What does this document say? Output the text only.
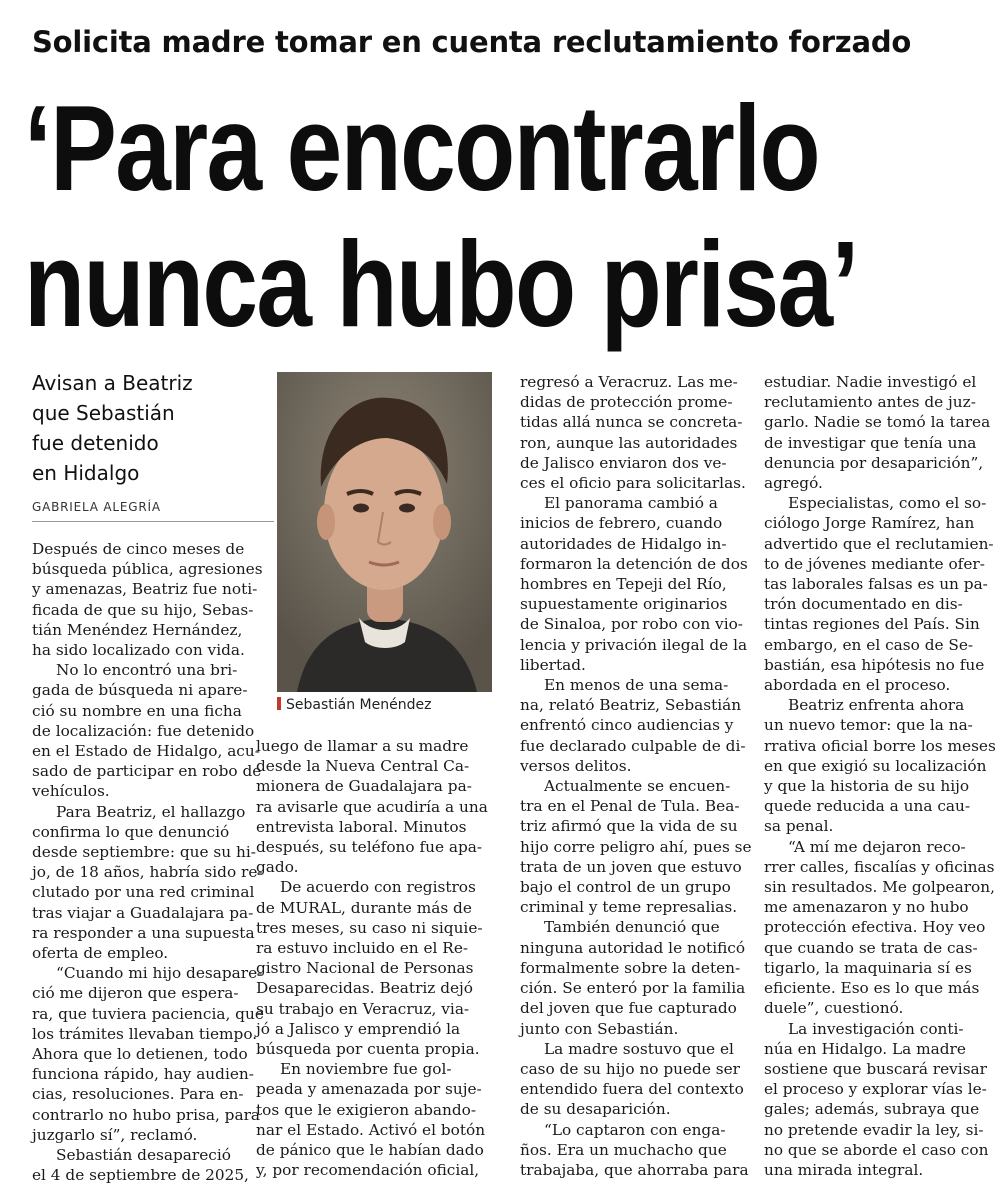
Solicita madre tomar en cuenta reclutamiento forzado
‘Para encontrarlo
nunca hubo prisa’
Avisan a Beatriz
que Sebastián
fue detenido
en Hidalgo
GABRIELA ALEGRÍA
Sebastián Menéndez

Después de cinco meses de

búsqueda pública, agresiones

y amenazas, Beatriz fue noti-

ficada de que su hijo, Sebas-

tián Menéndez Hernández,

ha sido localizado con vida.

No lo encontró una bri-

gada de búsqueda ni apare-

ció su nombre en una ficha

de localización: fue detenido

en el Estado de Hidalgo, acu-

sado de participar en robo de

vehículos.

Para Beatriz, el hallazgo

confirma lo que denunció

desde septiembre: que su hi-

jo, de 18 años, habría sido re-

clutado por una red criminal

tras viajar a Guadalajara pa-

ra responder a una supuesta

oferta de empleo.

“Cuando mi hijo desapare-

ció me dijeron que espera-

ra, que tuviera paciencia, que

los trámites llevaban tiempo.

Ahora que lo detienen, todo

funciona rápido, hay audien-

cias, resoluciones. Para en-

contrarlo no hubo prisa, para

juzgarlo sí”, reclamó.

Sebastián desapareció

el 4 de septiembre de 2025,

luego de llamar a su madre

desde la Nueva Central Ca-

mionera de Guadalajara pa-

ra avisarle que acudiría a una

entrevista laboral. Minutos

después, su teléfono fue apa-

gado.

De acuerdo con registros

de MURAL, durante más de

tres meses, su caso ni siquie-

ra estuvo incluido en el Re-

gistro Nacional de Personas

Desaparecidas. Beatriz dejó

su trabajo en Veracruz, via-

jó a Jalisco y emprendió la

búsqueda por cuenta propia.

En noviembre fue gol-

peada y amenazada por suje-

tos que le exigieron abando-

nar el Estado. Activó el botón

de pánico que le habían dado

y, por recomendación oficial,

regresó a Veracruz. Las me-

didas de protección prome-

tidas allá nunca se concreta-

ron, aunque las autoridades

de Jalisco enviaron dos ve-

ces el oficio para solicitarlas.

El panorama cambió a

inicios de febrero, cuando

autoridades de Hidalgo in-

formaron la detención de dos

hombres en Tepeji del Río,

supuestamente originarios

de Sinaloa, por robo con vio-

lencia y privación ilegal de la

libertad.

En menos de una sema-

na, relató Beatriz, Sebastián

enfrentó cinco audiencias y

fue declarado culpable de di-

versos delitos.

Actualmente se encuen-

tra en el Penal de Tula. Bea-

triz afirmó que la vida de su

hijo corre peligro ahí, pues se

trata de un joven que estuvo

bajo el control de un grupo

criminal y teme represalias.

También denunció que

ninguna autoridad le notificó

formalmente sobre la deten-

ción. Se enteró por la familia

del joven que fue capturado

junto con Sebastián.

La madre sostuvo que el

caso de su hijo no puede ser

entendido fuera del contexto

de su desaparición.

“Lo captaron con enga-

ños. Era un muchacho que

trabajaba, que ahorraba para

estudiar. Nadie investigó el

reclutamiento antes de juz-

garlo. Nadie se tomó la tarea

de investigar que tenía una

denuncia por desaparición”,

agregó.

Especialistas, como el so-

ciólogo Jorge Ramírez, han

advertido que el reclutamien-

to de jóvenes mediante ofer-

tas laborales falsas es un pa-

trón documentado en dis-

tintas regiones del País. Sin

embargo, en el caso de Se-

bastián, esa hipótesis no fue

abordada en el proceso.

Beatriz enfrenta ahora

un nuevo temor: que la na-

rrativa oficial borre los meses

en que exigió su localización

y que la historia de su hijo

quede reducida a una cau-

sa penal.

“A mí me dejaron reco-

rrer calles, fiscalías y oficinas

sin resultados. Me golpearon,

me amenazaron y no hubo

protección efectiva. Hoy veo

que cuando se trata de cas-

tigarlo, la maquinaria sí es

eficiente. Eso es lo que más

duele”, cuestionó.

La investigación conti-

núa en Hidalgo. La madre

sostiene que buscará revisar

el proceso y explorar vías le-

gales; además, subraya que

no pretende evadir la ley, si-

no que se aborde el caso con

una mirada integral.
